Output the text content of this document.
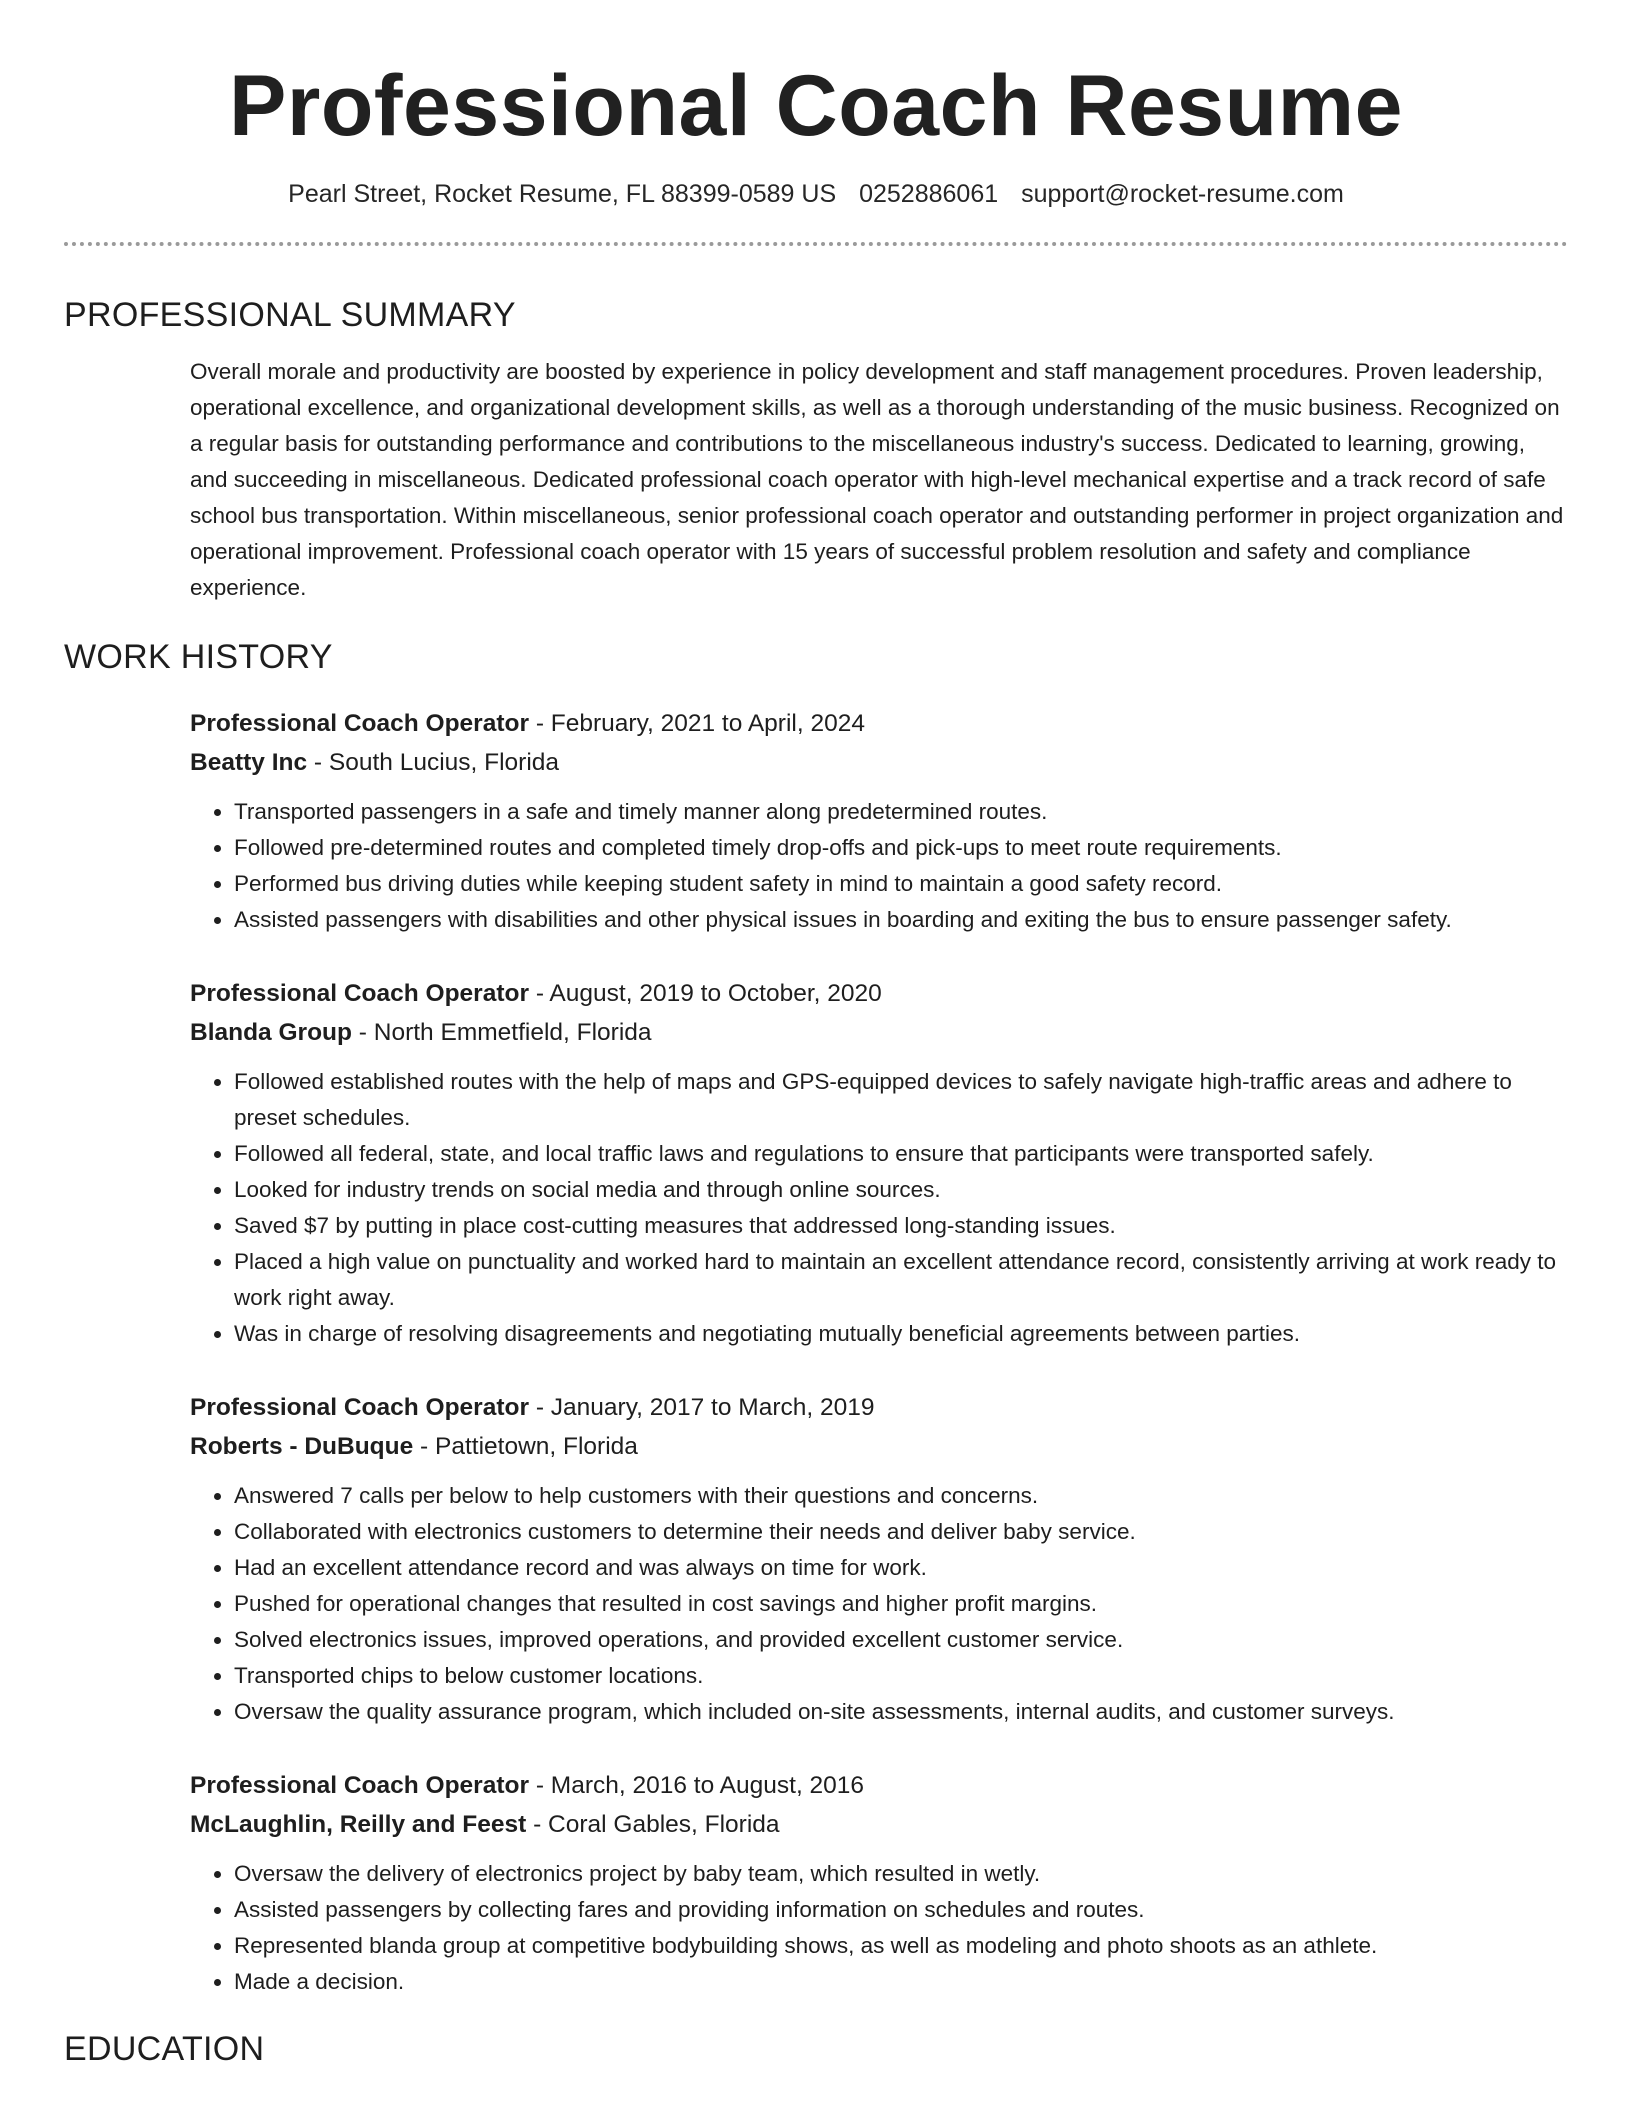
Professional Coach Resume
Pearl Street, Rocket Resume, FL 88399-0589 US 0252886061 support@rocket-resume.com
PROFESSIONAL SUMMARY

Overall morale and productivity are boosted by experience in policy development and staff management procedures. Proven leadership, operational excellence, and organizational development skills, as well as a thorough understanding of the music business. Recognized on a regular basis for outstanding performance and contributions to the miscellaneous industry's success. Dedicated to learning, growing, and succeeding in miscellaneous. Dedicated professional coach operator with high-level mechanical expertise and a track record of safe school bus transportation. Within miscellaneous, senior professional coach operator and outstanding performer in project organization and operational improvement. Professional coach operator with 15 years of successful problem resolution and safety and compliance experience.

WORK HISTORY
Professional Coach Operator - February, 2021 to April, 2024
Beatty Inc - South Lucius, Florida
• Transported passengers in a safe and timely manner along predetermined routes.
• Followed pre-determined routes and completed timely drop-offs and pick-ups to meet route requirements.
• Performed bus driving duties while keeping student safety in mind to maintain a good safety record.
• Assisted passengers with disabilities and other physical issues in boarding and exiting the bus to ensure passenger safety.
Professional Coach Operator - August, 2019 to October, 2020
Blanda Group - North Emmetfield, Florida
• Followed established routes with the help of maps and GPS-equipped devices to safely navigate high-traffic areas and adhere to preset schedules.
• Followed all federal, state, and local traffic laws and regulations to ensure that participants were transported safely.
• Looked for industry trends on social media and through online sources.
• Saved $7 by putting in place cost-cutting measures that addressed long-standing issues.
• Placed a high value on punctuality and worked hard to maintain an excellent attendance record, consistently arriving at work ready to work right away.
• Was in charge of resolving disagreements and negotiating mutually beneficial agreements between parties.
Professional Coach Operator - January, 2017 to March, 2019
Roberts - DuBuque - Pattietown, Florida
• Answered 7 calls per below to help customers with their questions and concerns.
• Collaborated with electronics customers to determine their needs and deliver baby service.
• Had an excellent attendance record and was always on time for work.
• Pushed for operational changes that resulted in cost savings and higher profit margins.
• Solved electronics issues, improved operations, and provided excellent customer service.
• Transported chips to below customer locations.
• Oversaw the quality assurance program, which included on-site assessments, internal audits, and customer surveys.
Professional Coach Operator - March, 2016 to August, 2016
McLaughlin, Reilly and Feest - Coral Gables, Florida
• Oversaw the delivery of electronics project by baby team, which resulted in wetly.
• Assisted passengers by collecting fares and providing information on schedules and routes.
• Represented blanda group at competitive bodybuilding shows, as well as modeling and photo shoots as an athlete.
• Made a decision.
EDUCATION
